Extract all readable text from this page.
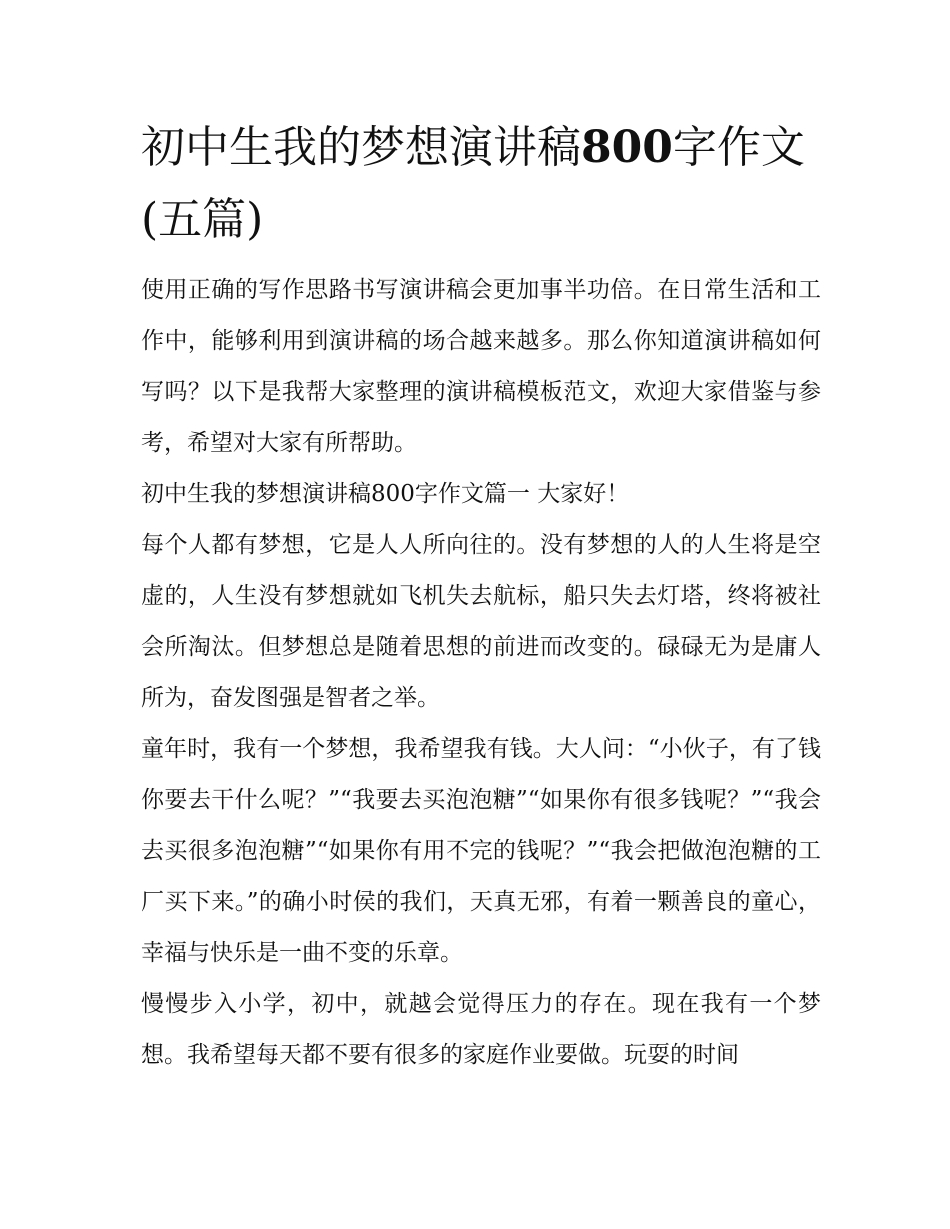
初中生我的梦想演讲稿800字作文(五篇)

使用正确的写作思路书写演讲稿会更加事半功倍。在日常生活和工作中，能够利用到演讲稿的场合越来越多。那么你知道演讲稿如何写吗？以下是我帮大家整理的演讲稿模板范文，欢迎大家借鉴与参考，希望对大家有所帮助。

初中生我的梦想演讲稿800字作文篇一 大家好！

每个人都有梦想，它是人人所向往的。没有梦想的人的人生将是空虚的，人生没有梦想就如飞机失去航标，船只失去灯塔，终将被社会所淘汰。但梦想总是随着思想的前进而改变的。碌碌无为是庸人所为，奋发图强是智者之举。

童年时，我有一个梦想，我希望我有钱。大人问：“小伙子，有了钱你要去干什么呢？”“我要去买泡泡糖”“如果你有很多钱呢？”“我会去买很多泡泡糖”“如果你有用不完的钱呢？”“我会把做泡泡糖的工厂买下来。”的确小时侯的我们，天真无邪，有着一颗善良的童心，幸福与快乐是一曲不变的乐章。

慢慢步入小学，初中，就越会觉得压力的存在。现在我有一个梦想。我希望每天都不要有很多的家庭作业要做。玩耍的时间
